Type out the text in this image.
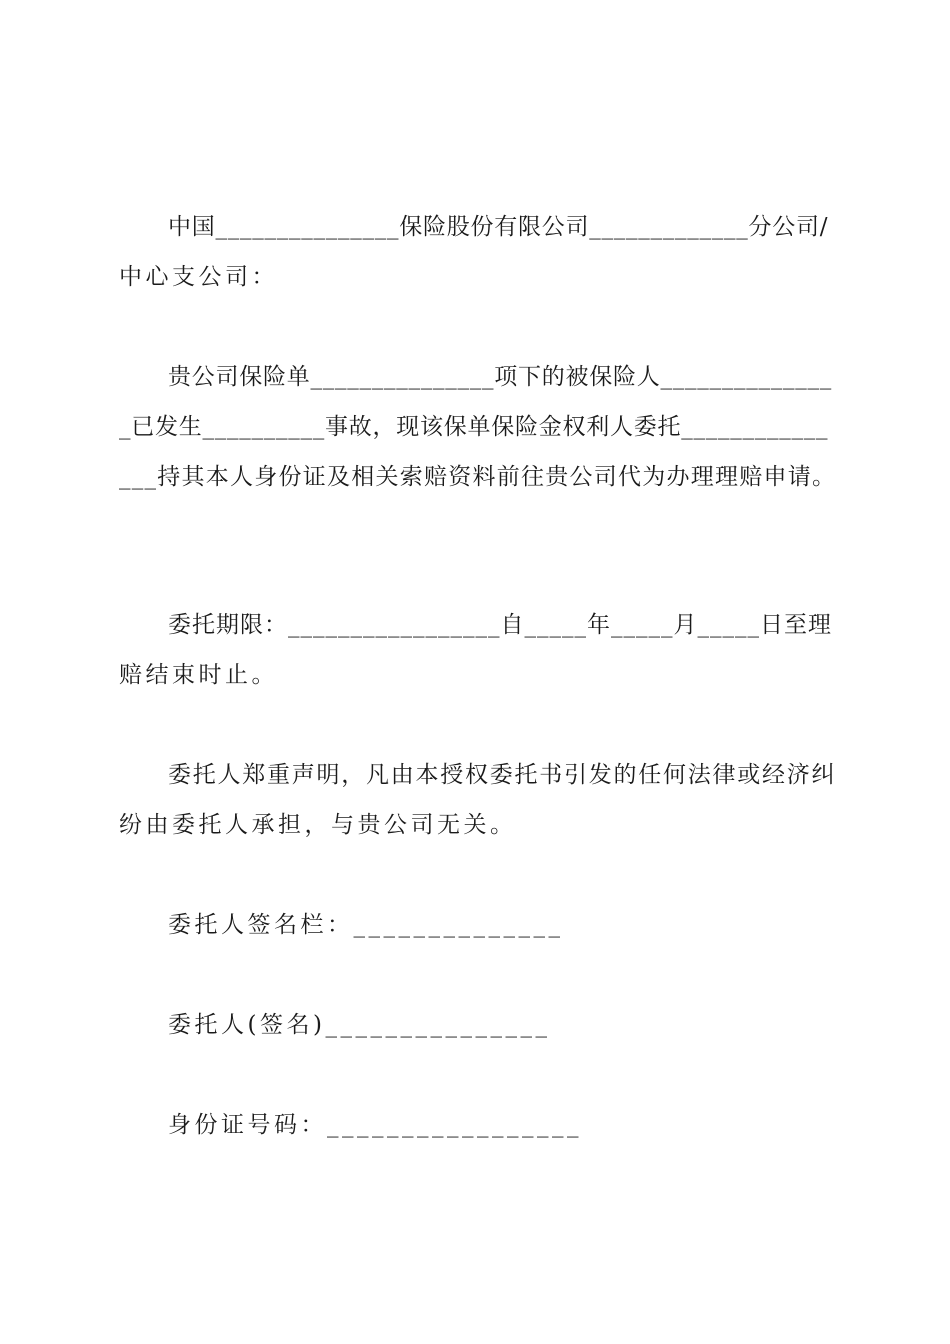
中国_______________保险股份有限公司_____________分公司/
中心支公司：
贵公司保险单_______________项下的被保险人______________
_已发生__________事故，现该保单保险金权利人委托____________
___持其本人身份证及相关索赔资料前往贵公司代为办理理赔申请。
委托期限：_________________自_____年_____月_____日至理
赔结束时止。
委托人郑重声明，凡由本授权委托书引发的任何法律或经济纠
纷由委托人承担，与贵公司无关。
委托人签名栏：______________
委托人(签名)_______________
身份证号码：_________________
